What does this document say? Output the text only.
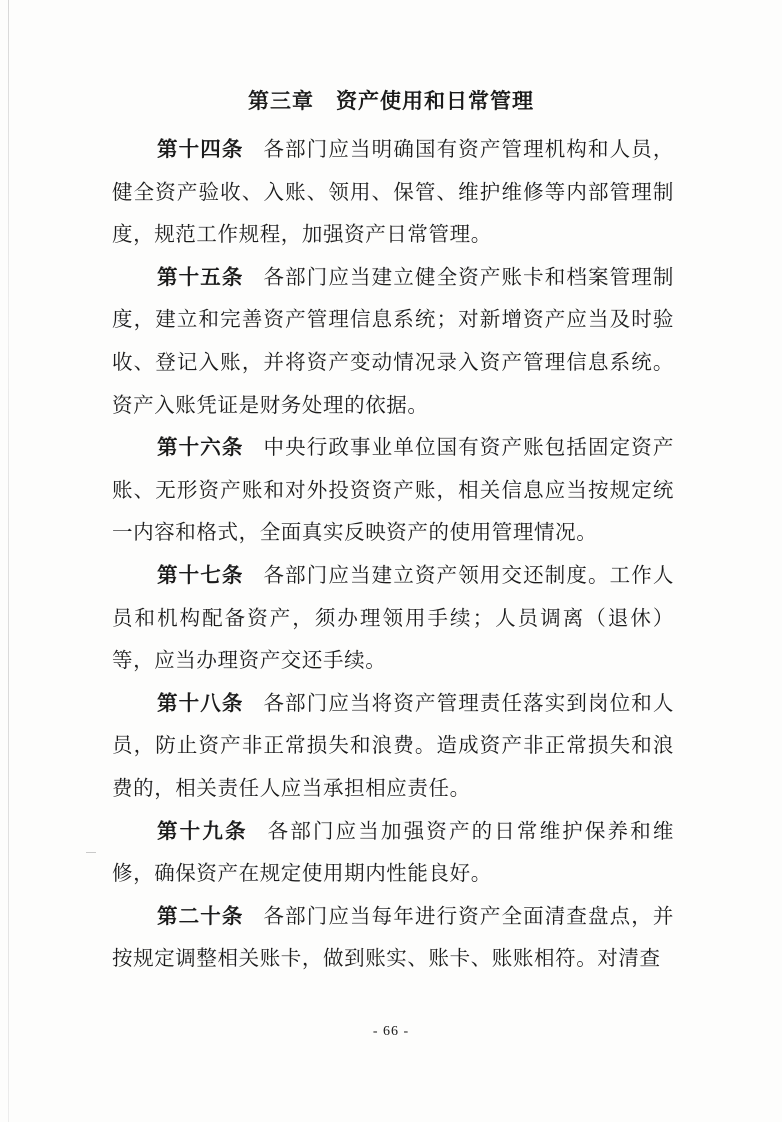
第三章　资产使用和日常管理

第十四条 各部门应当明确国有资产管理机构和人员，健全资产验收、入账、领用、保管、维护维修等内部管理制度，规范工作规程，加强资产日常管理。

第十五条 各部门应当建立健全资产账卡和档案管理制度，建立和完善资产管理信息系统；对新增资产应当及时验收、登记入账，并将资产变动情况录入资产管理信息系统。资产入账凭证是财务处理的依据。

第十六条 中央行政事业单位国有资产账包括固定资产账、无形资产账和对外投资资产账，相关信息应当按规定统一内容和格式，全面真实反映资产的使用管理情况。

第十七条 各部门应当建立资产领用交还制度。工作人员和机构配备资产，须办理领用手续；人员调离（退休）等，应当办理资产交还手续。

第十八条 各部门应当将资产管理责任落实到岗位和人员，防止资产非正常损失和浪费。造成资产非正常损失和浪费的，相关责任人应当承担相应责任。

第十九条 各部门应当加强资产的日常维护保养和维修，确保资产在规定使用期内性能良好。

第二十条 各部门应当每年进行资产全面清查盘点，并按规定调整相关账卡，做到账实、账卡、账账相符。对清查

- 66 -
